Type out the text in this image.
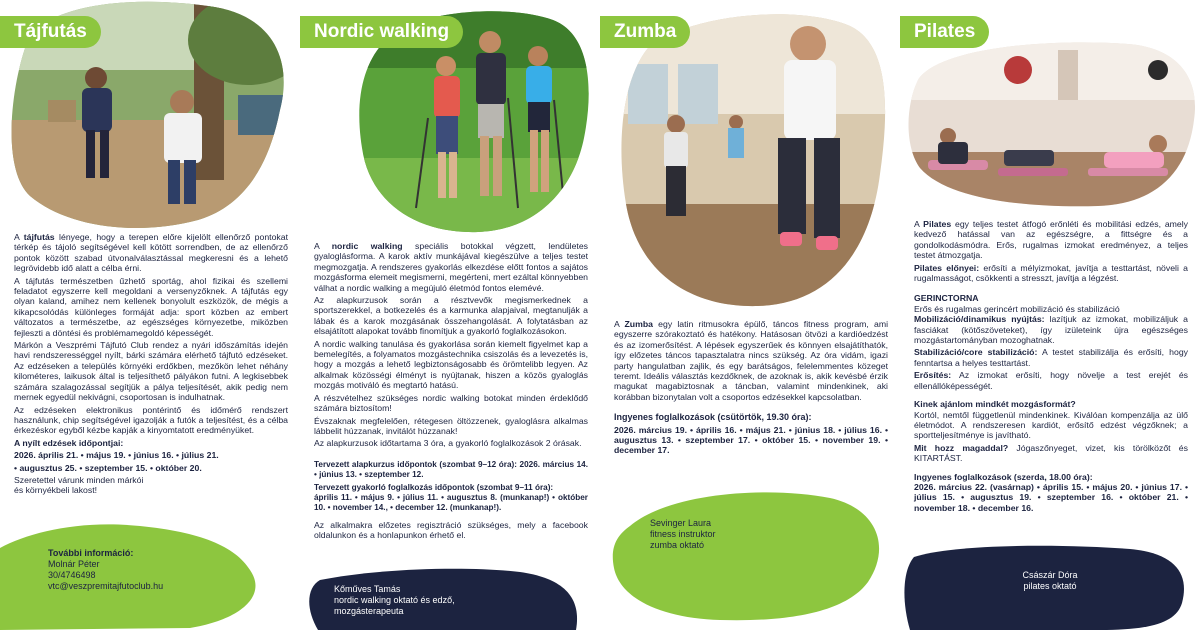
Tájfutás

A tájfutás lényege, hogy a terepen előre kijelölt ellenőrző pontokat térkép és tájoló segítségével kell kötött sorrendben, de az ellenőrző pontok között szabad útvonalválasztással megkeresni és a lehető legrövidebb idő alatt a célba érni.

A tájfutás természetben űzhető sportág, ahol fizikai és szellemi feladatot egyszerre kell megoldani a versenyzőknek. A tájfutás egy olyan kaland, amihez nem kellenek bonyolult eszközök, de mégis a kikapcsolódás különleges formáját adja: sport közben az embert változatos a természetbe, az egészséges környezetbe, miközben fejleszti a döntési és problémamegoldó képességét.

Márkón a Veszprémi Tájfutó Club rendez a nyári időszámítás idején havi rendszerességgel nyílt, bárki számára elérhető tájfutó edzéseket. Az edzéseken a település környéki erdőkben, mezőkön lehet néhány kilométeres, laikusok által is teljesíthető pályákon futni. A legkisebbek számára szalagozással segítjük a pálya teljesítését, akik pedig nem mernek egyedül nekivágni, csoportosan is indulhatnak.

Az edzéseken elektronikus pontérintő és időmérő rendszert használunk, chip segítségével igazolják a futók a teljesítést, és a célba érkezéskor egyből kézbe kapják a kinyomtatott eredményüket.

A nyílt edzések időpontjai:

2026. április 21. • május 19. • június 16. • július 21.

• augusztus 25. • szeptember 15. • október 20.

Szeretettel várunk minden márkói és környékbeli lakost!

További információ:
Molnár Péter
30/4746498
vtc@veszpremitajfutoclub.hu
Nordic walking

A nordic walking speciális botokkal végzett, lendületes gyaloglásforma. A karok aktív munkájával kiegészülve a teljes testet megmozgatja. A rendszeres gyakorlás elkezdése előtt fontos a sajátos mozgásforma elemeit megismerni, megérteni, mert ezáltal könnyebben válhat a nordic walking a megújuló életmód fontos elemévé.

Az alapkurzusok során a résztvevők megismerkednek a sportszerekkel, a botkezelés és a karmunka alapjaival, megtanulják a lábak és a karok mozgásának összehangolását. A folytatásban az elsajátított alapokat tovább finomítjuk a gyakorló foglalkozásokon.

A nordic walking tanulása és gyakorlása során kiemelt figyelmet kap a bemelegítés, a folyamatos mozgástechnika csiszolás és a levezetés is, hogy a mozgás a lehető legbiztonságosabb és örömtelibb legyen. Az alkalmak közösségi élményt is nyújtanak, hiszen a közös gyaloglás mozgás motiváló és megtartó hatású.

A részvételhez szükséges nordic walking botokat minden érdeklődő számára biztosítom!

Évszaknak megfelelően, rétegesen öltözzenek, gyaloglásra alkalmas lábbelit húzzanak, invitálót húzzanak!

Az alapkurzusok időtartama 3 óra, a gyakorló foglalkozások 2 órásak.

Tervezett alapkurzus időpontok (szombat 9–12 óra): 2026. március 14. • június 13. • szeptember 12.

Tervezett gyakorló foglalkozás időpontok (szombat 9–11 óra):

április 11. • május 9. • július 11. • augusztus 8. (munkanap!) • október 10. • november 14., • december 12. (munkanap!).

Az alkalmakra előzetes regisztráció szükséges, mely a facebook oldalunkon és a honlapunkon érhető el.

Kőműves Tamás
nordic walking oktató és edző,
mozgásterapeuta
Zumba

A Zumba egy latin ritmusokra épülő, táncos fitness program, ami egyszerre szórakoztató és hatékony. Hatásosan ötvözi a kardióedzést és az izomerősítést. A lépések egyszerűek és könnyen elsajátíthatók, így előzetes táncos tapasztalatra nincs szükség. Az óra vidám, igazi party hangulatban zajlik, és egy barátságos, felelemmentes közeget teremt. Ideális választás kezdőknek, de azoknak is, akik kevésbé érzik magukat magabiztosnak a táncban, valamint mindenkinek, aki korábban bizonytalan volt a csoportos edzésekkel kapcsolatban.

Ingyenes foglalkozások (csütörtök, 19.30 óra):

2026. március 19. • április 16. • május 21. • június 18. • július 16. • augusztus 13. • szeptember 17. • október 15. • november 19. • december 17.

Sevinger Laura
fitness instruktor
zumba oktató
Pilates

A Pilates egy teljes testet átfogó erőnléti és mobilitási edzés, amely kedvező hatással van az egészségre, a fittségre és a gondolkodásmódra. Erős, rugalmas izmokat eredményez, a teljes testet átmozgatja.

Pilates előnyei: erősíti a mélyizmokat, javítja a testtartást, növeli a rugalmasságot, csökkenti a stresszt, javítja a légzést.

GERINCTORNA

Erős és rugalmas gerincért mobilizáció és stabilizáció

Mobilizáció/dinamikus nyújtás: lazítjuk az izmokat, mobilizáljuk a fasciákat (kötőszöveteket), így izületeink újra egészséges mozgástartományban mozoghatnak.

Stabilizáció/core stabilizáció: A testet stabilizálja és erősíti, hogy fenntartsa a helyes testtartást.

Erősítés: Az izmokat erősíti, hogy növelje a test erejét és ellenállóképességét.

Kinek ajánlom mindkét mozgásformát?

Kortól, nemtől függetlenül mindenkinek. Kiválóan kompenzálja az ülő életmódot. A rendszeresen kardiót, erősítő edzést végzőknek; a sportteljesítménye is javítható.

Mit hozz magaddal? Jógaszőnyeget, vizet, kis törölközőt és KITARTÁST.

Ingyenes foglalkozások (szerda, 18.00 óra):

2026. március 22. (vasárnap) • április 15. • május 20. • június 17. • július 15. • augusztus 19. • szeptember 16. • október 21. • november 18. • december 16.

Császár Dóra
pilates oktató
